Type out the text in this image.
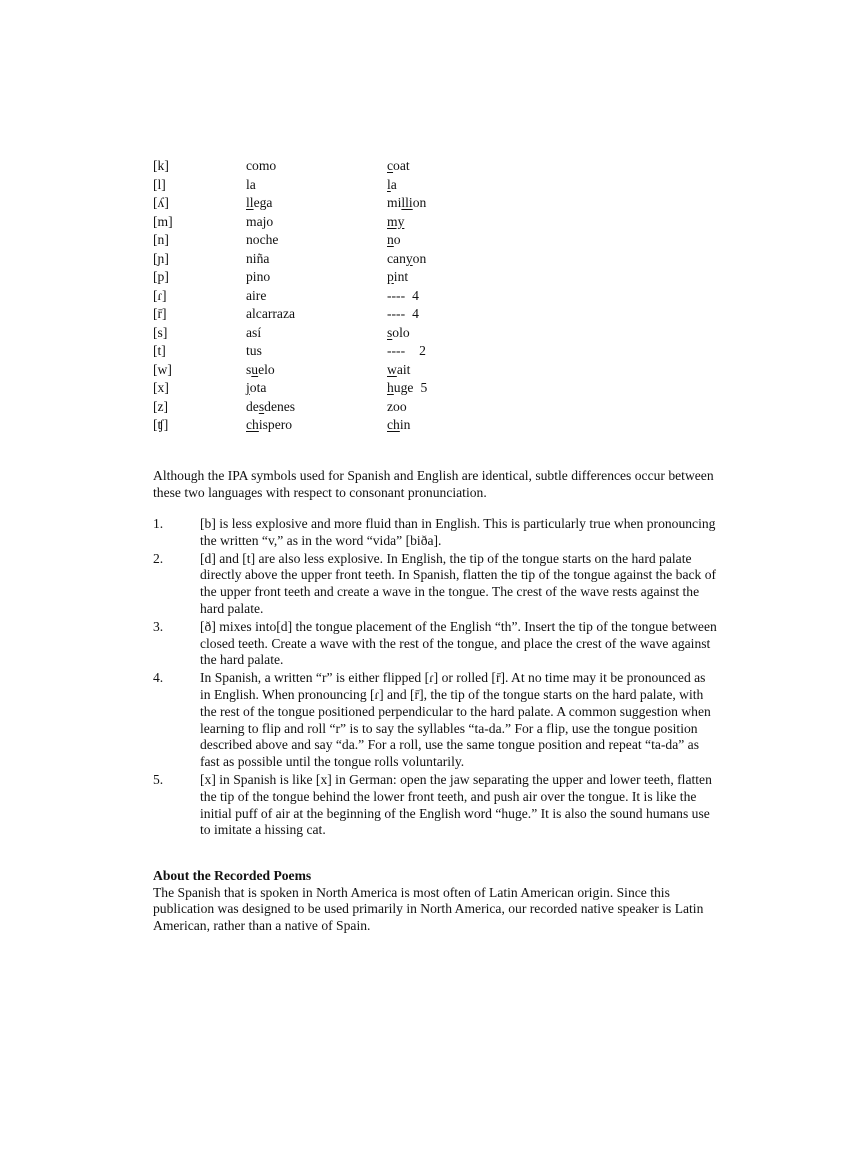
[k]	como	coat
[l]	la	la
[ʎ]	llega	million
[m]	majo	my
[n]	noche	no
[ɲ]	niña	canyon
[p]	pino	pint
[ɾ]	aire	---- 4
[r̄]	alcarraza	---- 4
[s]	así	solo
[t]	tus	---- 2
[w]	suelo	wait
[x]	jota	huge 5
[z]	desdenes	zoo
[ʧ]	chispero	chin
Although the IPA symbols used for Spanish and English are identical, subtle differences occur between these two languages with respect to consonant pronunciation.
1.	[b] is less explosive and more fluid than in English. This is particularly true when pronouncing the written “v,” as in the word “vida” [biða].

2.	[d] and [t] are also less explosive. In English, the tip of the tongue starts on the hard palate directly above the upper front teeth. In Spanish, flatten the tip of the tongue against the back of the upper front teeth and create a wave in the tongue. The crest of the wave rests against the hard palate.

3.	[ð] mixes into[d] the tongue placement of the English “th”. Insert the tip of the tongue between closed teeth. Create a wave with the rest of the tongue, and place the crest of the wave against the hard palate.

4.	In Spanish, a written “r” is either flipped [ɾ] or rolled [r̄]. At no time may it be pronounced as in English. When pronouncing [ɾ] and [r̄], the tip of the tongue starts on the hard palate, with the rest of the tongue positioned perpendicular to the hard palate. A common suggestion when learning to flip and roll “r” is to say the syllables “ta-da.” For a flip, use the tongue position described above and say “da.” For a roll, use the same tongue position and repeat “ta-da” as fast as possible until the tongue rolls voluntarily.

5.	[x] in Spanish is like [x] in German: open the jaw separating the upper and lower teeth, flatten the tip of the tongue behind the lower front teeth, and push air over the tongue. It is like the initial puff of air at the beginning of the English word “huge.” It is also the sound humans use to imitate a hissing cat.

About the Recorded Poems

The Spanish that is spoken in North America is most often of Latin American origin. Since this publication was designed to be used primarily in North America, our recorded native speaker is Latin American, rather than a native of Spain.
